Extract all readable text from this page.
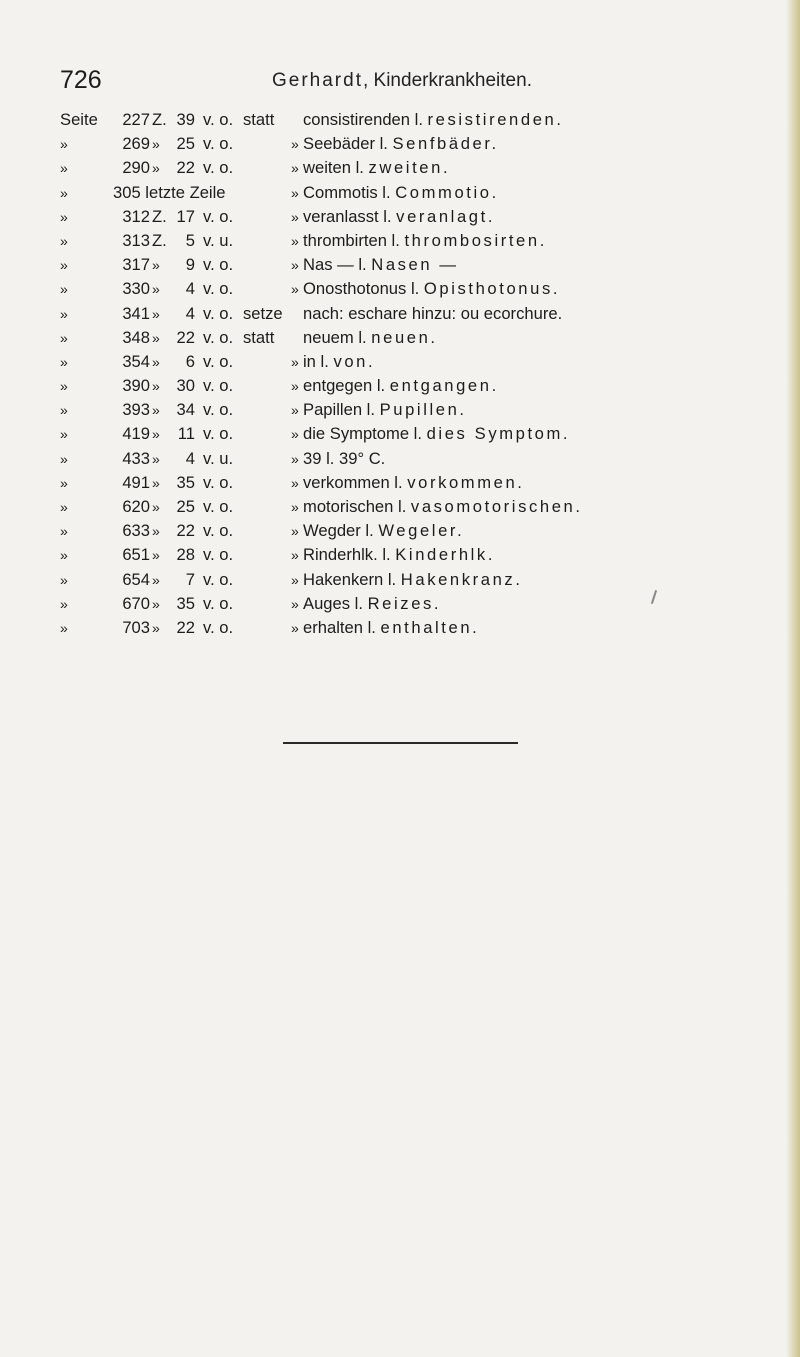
726	Gerhardt, Kinderkrankheiten.
Seite	227 Z. 39 v. o. statt consistirenden l. resistirenden.
»	269 »	25 v. o.	» Seebäder l. Senfbäder.
»	290 »	22 v. o.	» weiten l. zweiten.
»	305 letzte Zeile	» Commotis l. Commotio.
»	312 Z. 17 v. o.	» veranlasst l. veranlagt.
»	313 Z.	5 v. u.	» thrombirten l. thrombosirten.
»	317 »	9 v. o.	» Nas — l. Nasen —
»	330 »	4 v. o.	» Onosthotonus l. Opisthotonus.
»	341 »	4 v. o. setze nach: eschare hinzu: ou ecorchure.
»	348 »	22 v. o. statt neuem l. neuen.
»	354 »	6 v. o.	» in l. von.
»	390 »	30 v. o.	» entgegen l. entgangen.
»	393 »	34 v. o.	» Papillen l. Pupillen.
»	419 »	11 v. o.	» die Symptome l. dies Symptom.
»	433 »	4 v. u.	» 39 l. 39° C.
»	491 »	35 v. o.	» verkommen l. vorkommen.
»	620 »	25 v. o.	» motorischen l. vasomotorischen.
»	633 »	22 v. o.	» Wegder l. Wegeler.
»	651 »	28 v. o.	» Rinderhlk. l. Kinderhlk.
»	654 »	7 v. o.	» Hakenkern l. Hakenkranz.
»	670 »	35 v. o.	» Auges l. Reizes.
»	703 »	22 v. o.	» erhalten l. enthalten.
